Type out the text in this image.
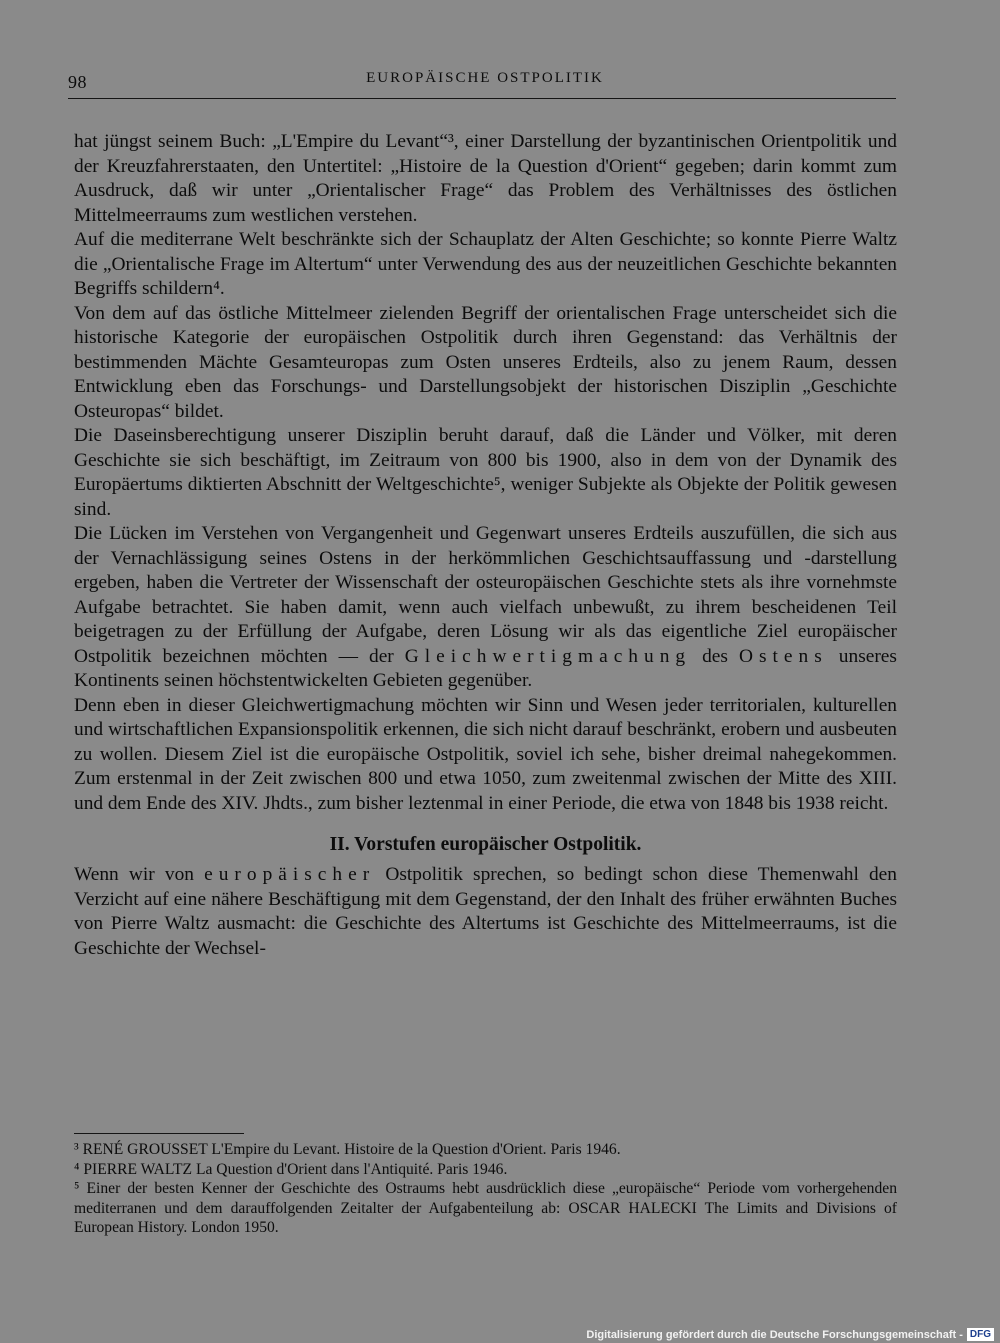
98	EUROPÄISCHE OSTPOLITIK

hat jüngst seinem Buch: „L'Empire du Levant“³, einer Darstellung der byzantinischen Orientpolitik und der Kreuzfahrerstaaten, den Untertitel: „Histoire de la Question d'Orient“ gegeben; darin kommt zum Ausdruck, daß wir unter „Orientalischer Frage“ das Problem des Verhältnisses des östlichen Mittelmeerraums zum westlichen verstehen.

Auf die mediterrane Welt beschränkte sich der Schauplatz der Alten Geschichte; so konnte Pierre Waltz die „Orientalische Frage im Altertum“ unter Verwendung des aus der neuzeitlichen Geschichte bekannten Begriffs schildern⁴.

Von dem auf das östliche Mittelmeer zielenden Begriff der orientalischen Frage unterscheidet sich die historische Kategorie der europäischen Ostpolitik durch ihren Gegenstand: das Verhältnis der bestimmenden Mächte Gesamteuropas zum Osten unseres Erdteils, also zu jenem Raum, dessen Entwicklung eben das Forschungs- und Darstellungsobjekt der historischen Disziplin „Geschichte Osteuropas“ bildet.

Die Daseinsberechtigung unserer Disziplin beruht darauf, daß die Länder und Völker, mit deren Geschichte sie sich beschäftigt, im Zeitraum von 800 bis 1900, also in dem von der Dynamik des Europäertums diktierten Abschnitt der Weltgeschichte⁵, weniger Subjekte als Objekte der Politik gewesen sind.

Die Lücken im Verstehen von Vergangenheit und Gegenwart unseres Erdteils auszufüllen, die sich aus der Vernachlässigung seines Ostens in der herkömmlichen Geschichtsauffassung und -darstellung ergeben, haben die Vertreter der Wissenschaft der osteuropäischen Geschichte stets als ihre vornehmste Aufgabe betrachtet. Sie haben damit, wenn auch vielfach unbewußt, zu ihrem bescheidenen Teil beigetragen zu der Erfüllung der Aufgabe, deren Lösung wir als das eigentliche Ziel europäischer Ostpolitik bezeichnen möchten — der Gleichwertigmachung des Ostens unseres Kontinents seinen höchstentwickelten Gebieten gegenüber.

Denn eben in dieser Gleichwertigmachung möchten wir Sinn und Wesen jeder territorialen, kulturellen und wirtschaftlichen Expansionspolitik erkennen, die sich nicht darauf beschränkt, erobern und ausbeuten zu wollen. Diesem Ziel ist die europäische Ostpolitik, soviel ich sehe, bisher dreimal nahegekommen. Zum erstenmal in der Zeit zwischen 800 und etwa 1050, zum zweitenmal zwischen der Mitte des XIII. und dem Ende des XIV. Jhdts., zum bisher leztenmal in einer Periode, die etwa von 1848 bis 1938 reicht.

II. Vorstufen europäischer Ostpolitik.

Wenn wir von europäischer Ostpolitik sprechen, so bedingt schon diese Themenwahl den Verzicht auf eine nähere Beschäftigung mit dem Gegenstand, der den Inhalt des früher erwähnten Buches von Pierre Waltz ausmacht: die Geschichte des Altertums ist Geschichte des Mittelmeerraums, ist die Geschichte der Wechsel-

³ RENÉ GROUSSET L'Empire du Levant. Histoire de la Question d'Orient. Paris 1946.

⁴ PIERRE WALTZ La Question d'Orient dans l'Antiquité. Paris 1946.

⁵ Einer der besten Kenner der Geschichte des Ostraums hebt ausdrücklich diese „europäische“ Periode vom vorhergehenden mediterranen und dem darauffolgenden Zeitalter der Aufgabenteilung ab: OSCAR HALECKI The Limits and Divisions of European History. London 1950.

Digitalisierung gefördert durch die Deutsche Forschungsgemeinschaft - DFG
